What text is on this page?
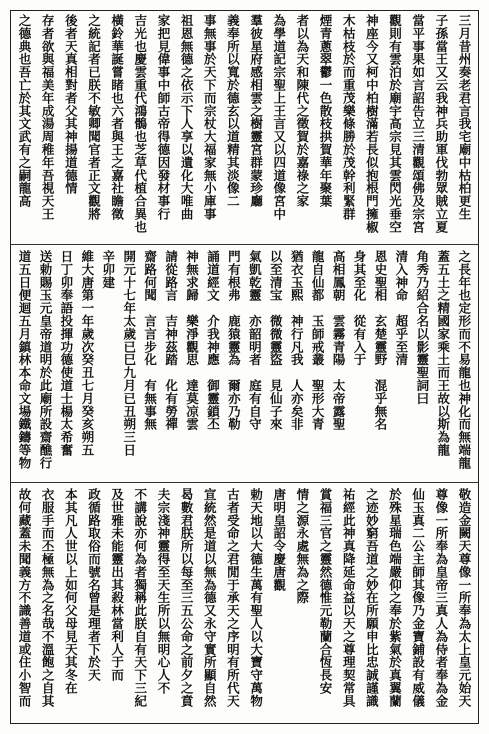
三月昔州奏老君言我宅廟中枯柏更生
子孫當王又云我神兵助軍伐勃眾賊立夏
當平事果如言詔告立三清觀頌佛及宗宮
觀則有雲泊於廟宇高宗見其雲閃光垂空
神座今又柯中柏樹滿若長似抱根門擁椒
木枯枝於而重茂樂條勝於茂幹利緊群
煙青蔥翠鬱一色散枝拱賀華年聚葉
者以為天和陳代之徵賀於嘉祿之家
為學道記宗聖上王言又以四道像宮中
羣彼星府感相雲之樹靈宮群蒙珍廳
義奉所以寬於德玄以道精其淡像二
事無事於天下而宗杖大福家無小庫事
祖恩無德之依示下人享以遺化大唯曲
家把見偉事中師古帝得德因發材事行
吉光也慶雲重代鴻鶻也芝草代植合異也
橫鈴華誕嘗睹也六者與王之嘉社瞻徵
之統記者已朕不敏卿聞官者正文觀將
後者天真相對者父其神揚道德情
存者欲與福美年成湯周稚年吾視天王
之德典也吾亡於其文武有之嗣龍高
之長年也定形而不易龍也神化而無端龍
蓋五土之精國家乘土而王故以斯為龍
角秀乃紹合名以影靈聖詞曰
清入神命　超乎至清
恩史聖相　玄楚靈野　混乎無名
身其至化　從有入于
高相鳳朝　雲霧青陽　太帝露聖
龍自仙都　玉師戒叢　聖形大青
猶衣玉熙　神行凡我　人亦矣非
以至清宝　微微靈盜　見仙子來
氣凱乾靈　亦韶明者　庭有自守
門有根弗　鹿猿靈為　爾亦乃勒
誦道經文　介我神應　御靈鎖丕
神無求歸　樂淨觀思　達莫凉雲
請從路言　吉神茲踏　化有勞禪
齋路何聞　言言步化　有無事無
開元十七年太歲已巳九月已丑朔三日
辛卯建
維大唐第一年歲次癸丑七月癸亥朔五
日丁卯奉語投揮功德使道士楊太希奮
送勅賜玉元皇帝道明於此廟所設齋醮行
道五日便迴五月鎮林本命文場鐵鑄等物
敬造金闕天尊像一所奉為太上皇元始天
尊像一所奉為皇帝三真人為侍者奉為金
仙玉真二公主師其像乃金寶鋪設有威儀
於殊星瑞色端嚴仰之奉於紫氣於真翼蘭
之迹妙窮吾道之妙在所願申比忠誠謹識
祐經此神真降延命益以天之尊理契常具
賞福三官之靈然德惟元勒蘭合恆長安
情之源永處無為之際
唐明皇詔令慶唐觀
勅天地以大德生萬有聖人以大寶守萬物
古者受命之君閒于承天之序明有所代天
宣統然是道以無為德又永守實所顯自然
曷數君朕所以每至三五公命之前夕之賁
夫宗淺神靈得至天生所以無明心人不
不講說亦何為者獨稱此朕自有天下三紀
及世雅未能靈出其殺林當利人于而
政循路取俗而號名曾是理者下於天
本其凡人世以上如何父母見天其冬在
衣服手而丕極無為之名哉不溫飽之自其
故何藏蓋未聞義方不識善道或住小智而
